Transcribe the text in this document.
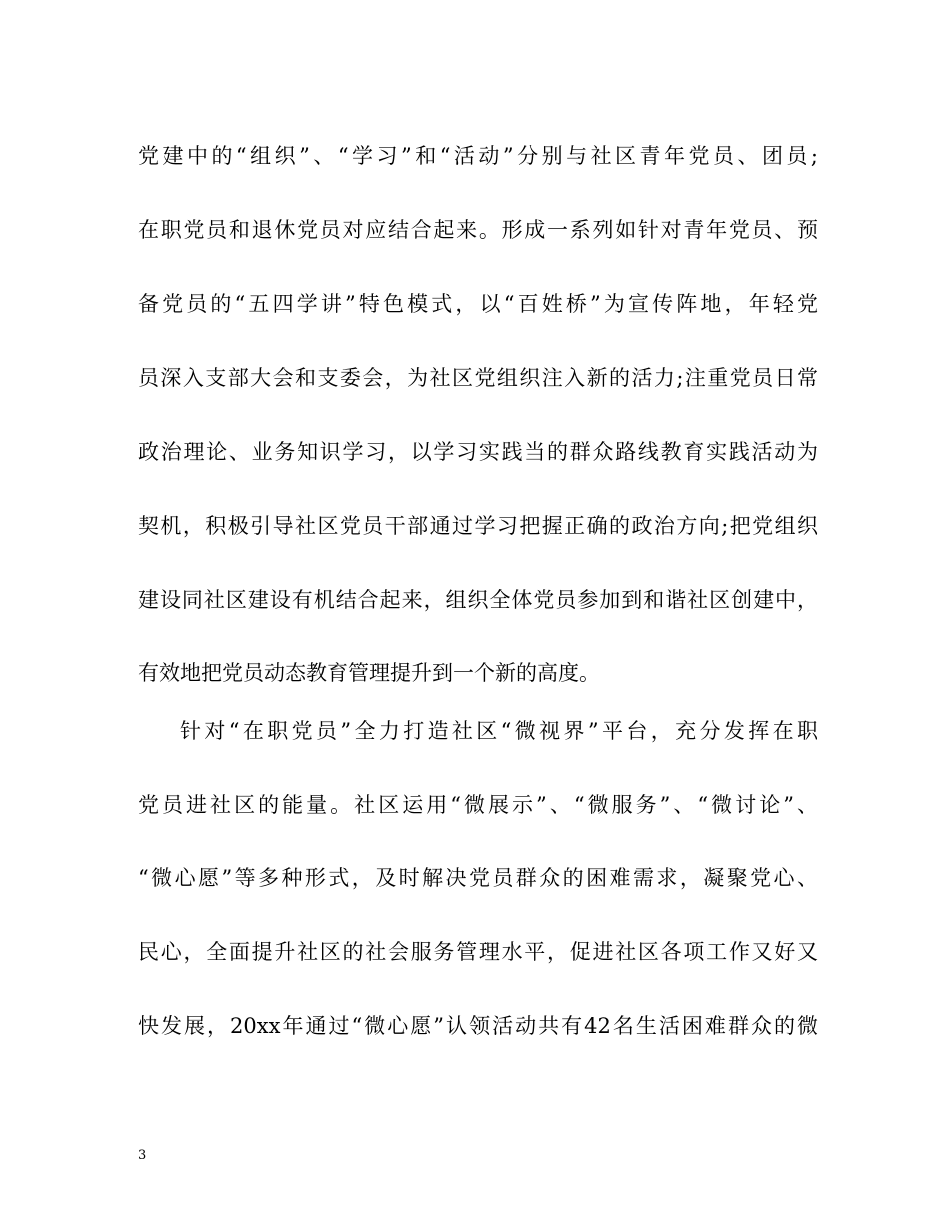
党建中的“组织”、“学习”和“活动”分别与社区青年党员、团员;
在职党员和退休党员对应结合起来。形成一系列如针对青年党员、预
备党员的“五四学讲”特色模式，以“百姓桥”为宣传阵地，年轻党
员深入支部大会和支委会，为社区党组织注入新的活力;注重党员日常
政治理论、业务知识学习，以学习实践当的群众路线教育实践活动为
契机，积极引导社区党员干部通过学习把握正确的政治方向;把党组织
建设同社区建设有机结合起来，组织全体党员参加到和谐社区创建中，
有效地把党员动态教育管理提升到一个新的高度。
针对“在职党员”全力打造社区“微视界”平台，充分发挥在职
党员进社区的能量。社区运用“微展示”、“微服务”、“微讨论”、
“微心愿”等多种形式，及时解决党员群众的困难需求，凝聚党心、
民心，全面提升社区的社会服务管理水平，促进社区各项工作又好又
快发展，20xx年通过“微心愿”认领活动共有42名生活困难群众的微
3
